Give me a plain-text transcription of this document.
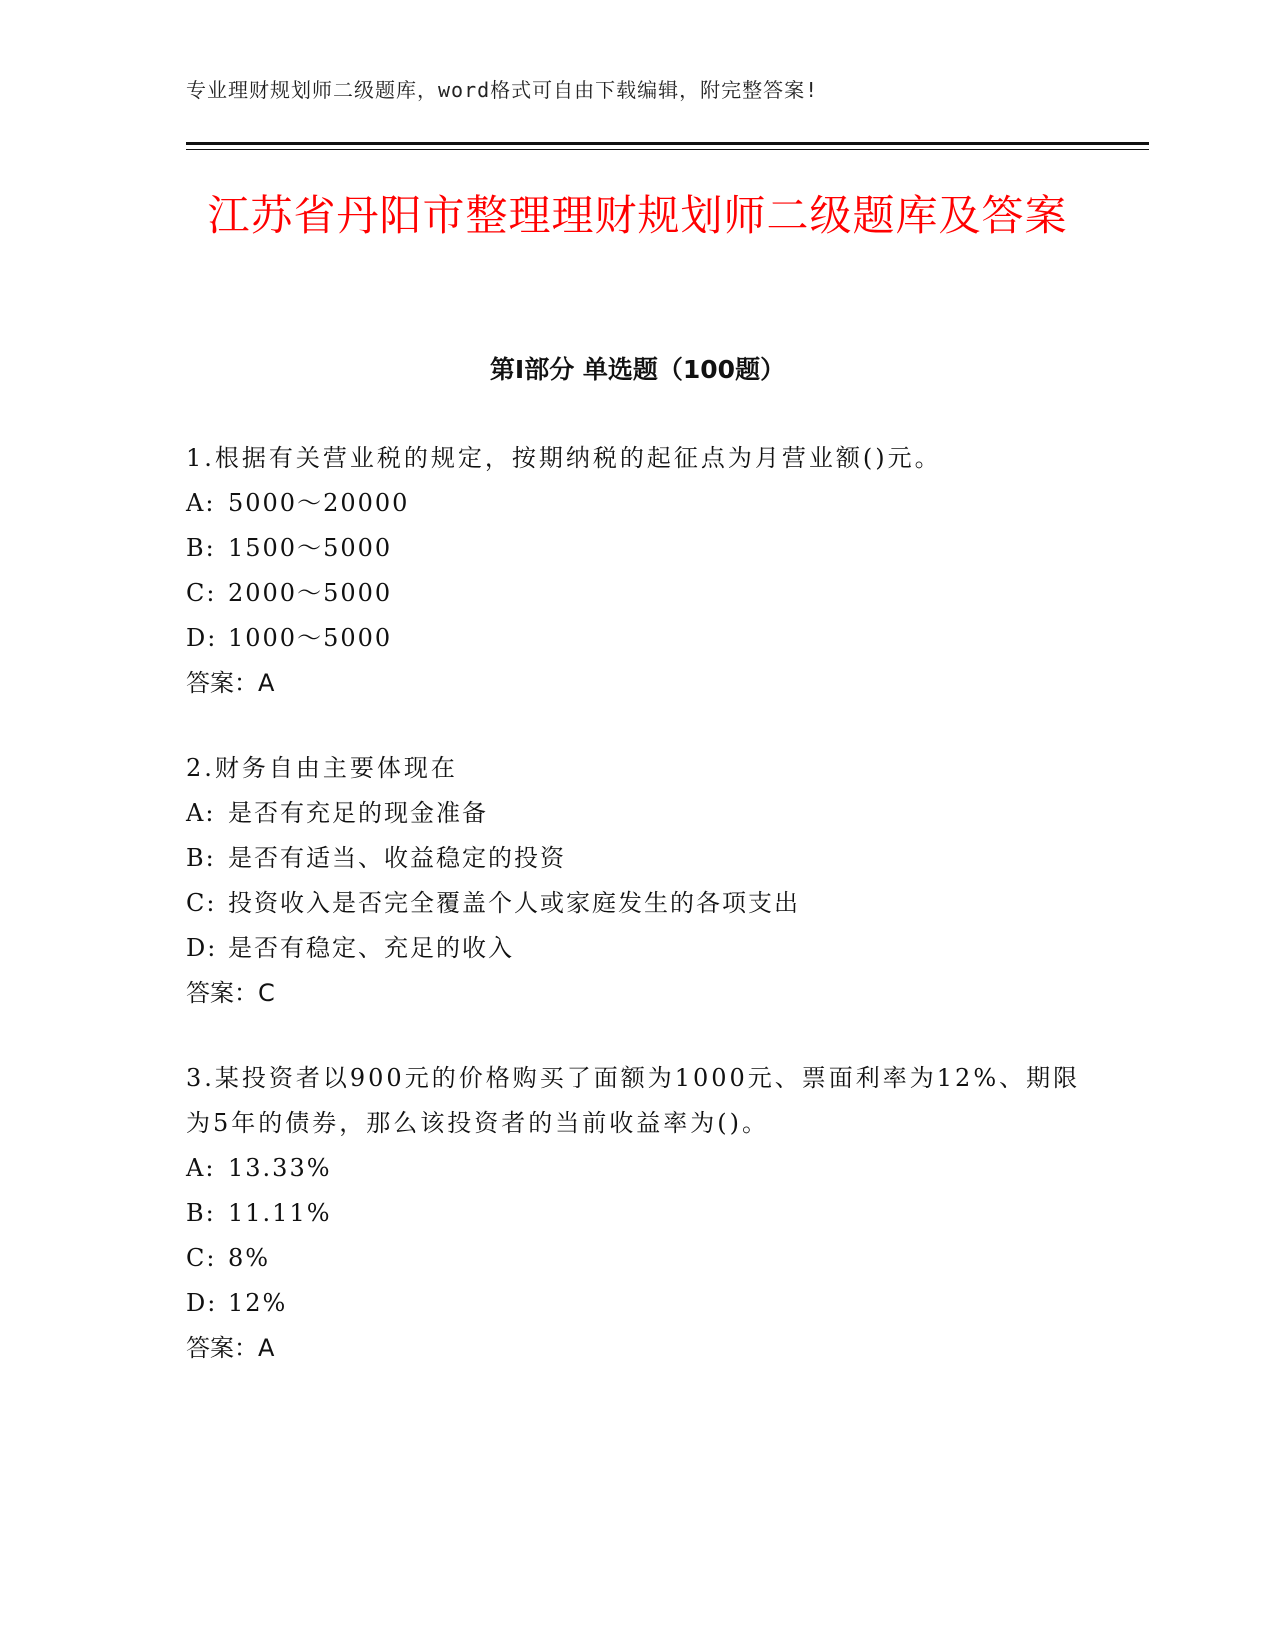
专业理财规划师二级题库，word格式可自由下载编辑，附完整答案!
江苏省丹阳市整理理财规划师二级题库及答案
第Ⅰ部分 单选题（100题）
1.根据有关营业税的规定，按期纳税的起征点为月营业额()元。
A: 5000～20000
B: 1500～5000
C: 2000～5000
D: 1000～5000
答案：A
2.财务自由主要体现在
A: 是否有充足的现金准备
B: 是否有适当、收益稳定的投资
C: 投资收入是否完全覆盖个人或家庭发生的各项支出
D: 是否有稳定、充足的收入
答案：C
3.某投资者以900元的价格购买了面额为1000元、票面利率为12%、期限为5年的债券，那么该投资者的当前收益率为()。
A: 13.33%
B: 11.11%
C: 8%
D: 12%
答案：A
